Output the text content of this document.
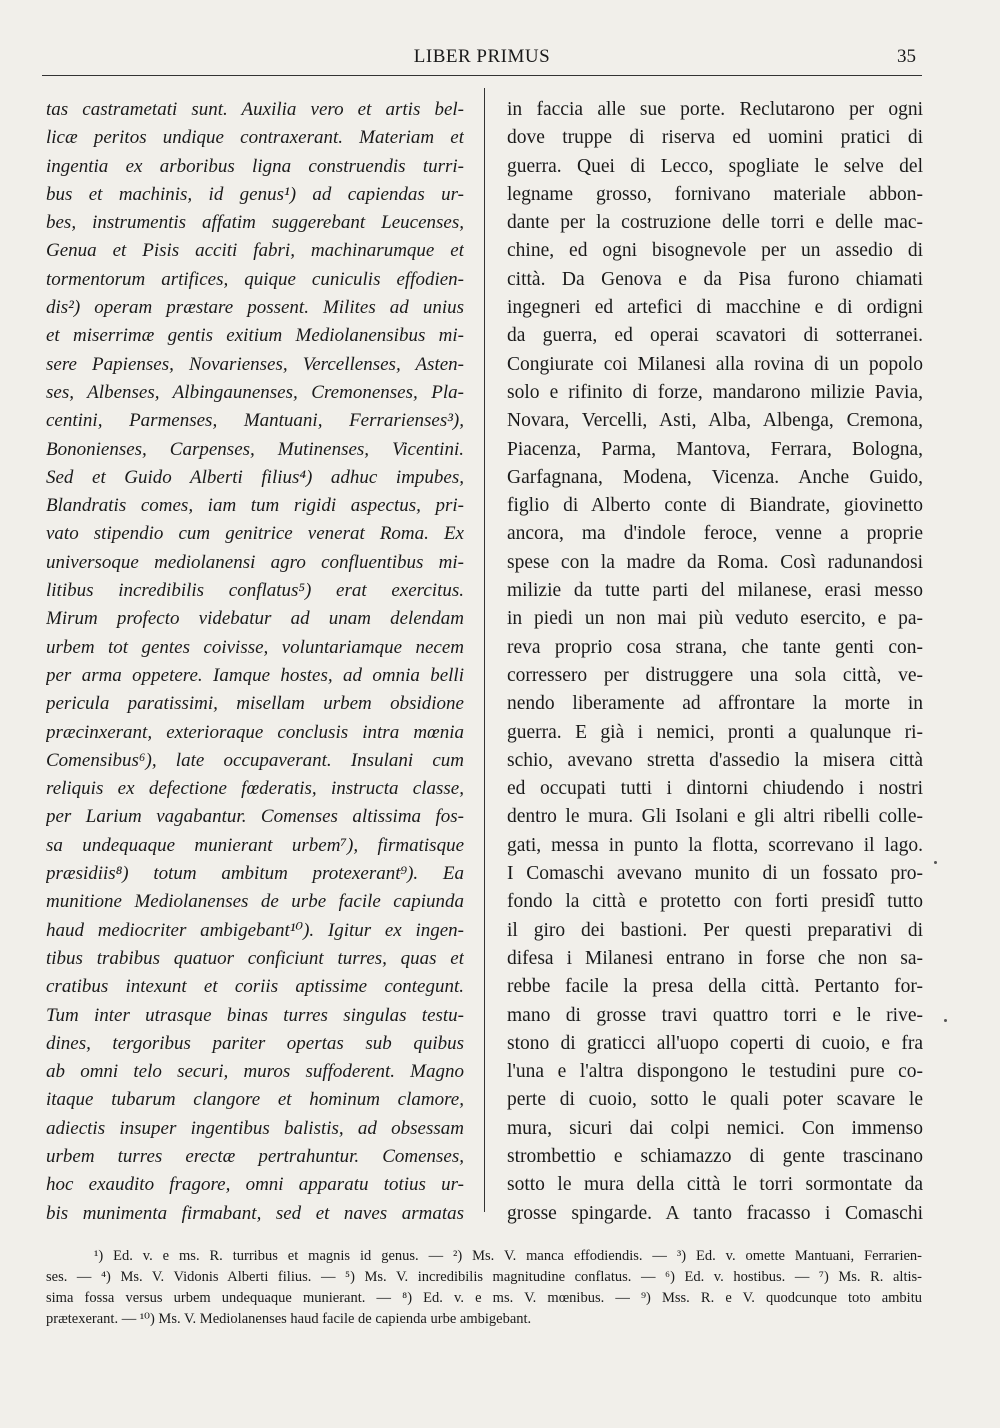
LIBER PRIMUS	35
tas castrametati sunt. Auxilia vero et artis bel-
licæ peritos undique contraxerant. Materiam et
ingentia ex arboribus ligna construendis turri-
bus et machinis, id genus¹) ad capiendas ur-
bes, instrumentis affatim suggerebant Leucenses,
Genua et Pisis acciti fabri, machinarumque et
tormentorum artifices, quique cuniculis effodien-
dis²) operam præstare possent. Milites ad unius
et miserrimæ gentis exitium Mediolanensibus mi-
sere Papienses, Novarienses, Vercellenses, Asten-
ses, Albenses, Albingaunenses, Cremonenses, Pla-
centini, Parmenses, Mantuani, Ferrarienses³),
Bononienses, Carpenses, Mutinenses, Vicentini.
Sed et Guido Alberti filius⁴) adhuc impubes,
Blandratis comes, iam tum rigidi aspectus, pri-
vato stipendio cum genitrice venerat Roma. Ex
universoque mediolanensi agro confluentibus mi-
litibus incredibilis conflatus⁵) erat exercitus.
Mirum profecto videbatur ad unam delendam
urbem tot gentes coivisse, voluntariamque necem
per arma oppetere. Iamque hostes, ad omnia belli
pericula paratissimi, misellam urbem obsidione
præcinxerant, exterioraque conclusis intra mœnia
Comensibus⁶), late occupaverant. Insulani cum
reliquis ex defectione fœderatis, instructa classe,
per Larium vagabantur. Comenses altissima fos-
sa undequaque munierant urbem⁷), firmatisque
præsidiis⁸) totum ambitum protexerant⁹). Ea
munitione Mediolanenses de urbe facile capiunda
haud mediocriter ambigebant¹⁰). Igitur ex ingen-
tibus trabibus quatuor conficiunt turres, quas et
cratibus intexunt et coriis aptissime contegunt.
Tum inter utrasque binas turres singulas testu-
dines, tergoribus pariter opertas sub quibus
ab omni telo securi, muros suffoderent. Magno
itaque tubarum clangore et hominum clamore,
adiectis insuper ingentibus balistis, ad obsessam
urbem turres erectæ pertrahuntur. Comenses,
hoc exaudito fragore, omni apparatu totius ur-
bis munimenta firmabant, sed et naves armatas
in faccia alle sue porte. Reclutarono per ogni
dove truppe di riserva ed uomini pratici di
guerra. Quei di Lecco, spogliate le selve del
legname grosso, fornivano materiale abbon-
dante per la costruzione delle torri e delle mac-
chine, ed ogni bisognevole per un assedio di
città. Da Genova e da Pisa furono chiamati
ingegneri ed artefici di macchine e di ordigni
da guerra, ed operai scavatori di sotterranei.
Congiurate coi Milanesi alla rovina di un popolo
solo e rifinito di forze, mandarono milizie Pavia,
Novara, Vercelli, Asti, Alba, Albenga, Cremona,
Piacenza, Parma, Mantova, Ferrara, Bologna,
Garfagnana, Modena, Vicenza. Anche Guido,
figlio di Alberto conte di Biandrate, giovinetto
ancora, ma d'indole feroce, venne a proprie
spese con la madre da Roma. Così radunandosi
milizie da tutte parti del milanese, erasi messo
in piedi un non mai più veduto esercito, e pa-
reva proprio cosa strana, che tante genti con-
corressero per distruggere una sola città, ve-
nendo liberamente ad affrontare la morte in
guerra. E già i nemici, pronti a qualunque ri-
schio, avevano stretta d'assedio la misera città
ed occupati tutti i dintorni chiudendo i nostri
dentro le mura. Gli Isolani e gli altri ribelli colle-
gati, messa in punto la flotta, scorrevano il lago.
I Comaschi avevano munito di un fossato pro-
fondo la città e protetto con forti presidî tutto
il giro dei bastioni. Per questi preparativi di
difesa i Milanesi entrano in forse che non sa-
rebbe facile la presa della città. Pertanto for-
mano di grosse travi quattro torri e le rive-
stono di graticci all'uopo coperti di cuoio, e fra
l'una e l'altra dispongono le testudini pure co-
perte di cuoio, sotto le quali poter scavare le
mura, sicuri dai colpi nemici. Con immenso
strombettio e schiamazzo di gente trascinano
sotto le mura della città le torri sormontate da
grosse spingarde. A tanto fracasso i Comaschi
¹) Ed. v. e ms. R. turribus et magnis id genus. — ²) Ms. V. manca effodiendis. — ³) Ed. v. omette Mantuani, Ferrarien-
ses. — ⁴) Ms. V. Vidonis Alberti filius. — ⁵) Ms. V. incredibilis magnitudine conflatus. — ⁶) Ed. v. hostibus. — ⁷) Ms. R. altis-
sima fossa versus urbem undequaque munierant. — ⁸) Ed. v. e ms. V. mœnibus. — ⁹) Mss. R. e V. quodcunque toto ambitu
prætexerant. — ¹⁰) Ms. V. Mediolanenses haud facile de capienda urbe ambigebant.
